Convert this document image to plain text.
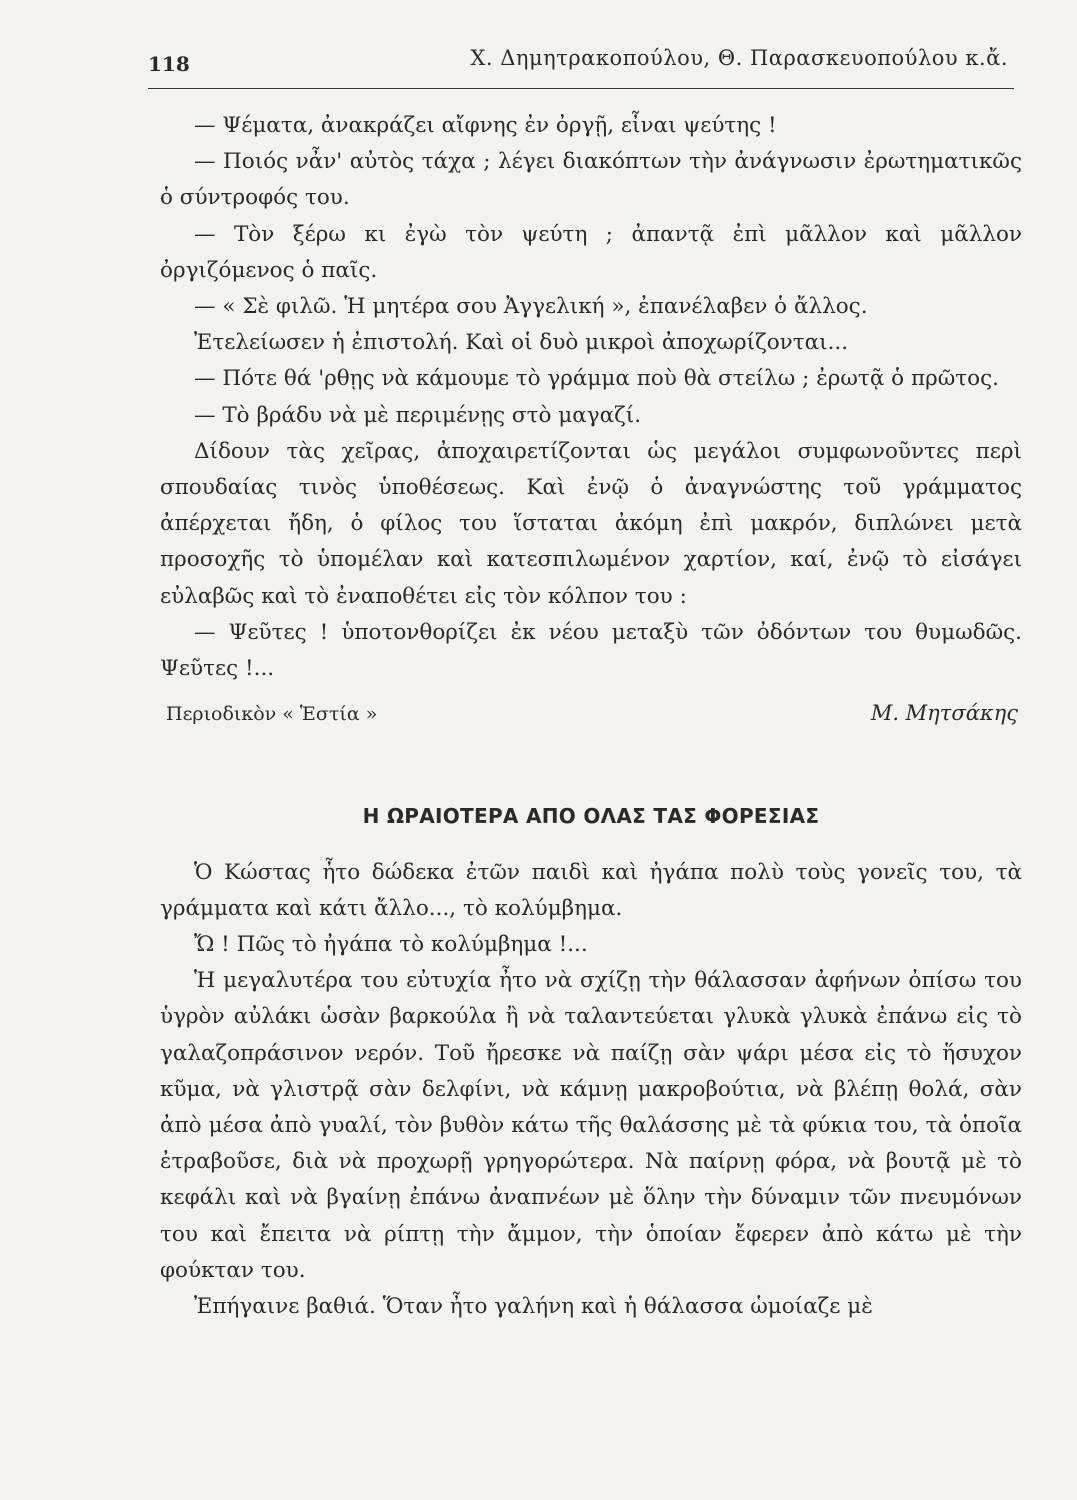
118	Χ. Δημητρακοπούλου, Θ. Παρασκευοπούλου κ.ἄ.

— Ψέματα, ἀνακράζει αἴφνης ἐν ὀργῇ, εἶναι ψεύτης !

— Ποιός νἆν' αὐτὸς τάχα ; λέγει διακόπτων τὴν ἀνάγνωσιν ἐρωτηματικῶς ὁ σύντροφός του.

— Τὸν ξέρω κι ἐγὼ τὸν ψεύτη ; ἀπαντᾷ ἐπὶ μᾶλλον καὶ μᾶλλον ὀργιζόμενος ὁ παῖς.

— « Σὲ φιλῶ. Ἡ μητέρα σου Ἀγγελική », ἐπανέλαβεν ὁ ἄλλος.

Ἐτελείωσεν ἡ ἐπιστολή. Καὶ οἱ δυὸ μικροὶ ἀποχωρίζονται...

— Πότε θά 'ρθῃς νὰ κάμουμε τὸ γράμμα ποὺ θὰ στείλω ; ἐρωτᾷ ὁ πρῶτος.

— Τὸ βράδυ νὰ μὲ περιμένῃς στὸ μαγαζί.

Δίδουν τὰς χεῖρας, ἀποχαιρετίζονται ὡς μεγάλοι συμφωνοῦντες περὶ σπουδαίας τινὸς ὑποθέσεως. Καὶ ἐνῷ ὁ ἀναγνώστης τοῦ γράμματος ἀπέρχεται ἤδη, ὁ φίλος του ἵσταται ἀκόμη ἐπὶ μακρόν, διπλώνει μετὰ προσοχῆς τὸ ὑπομέλαν καὶ κατεσπιλωμένον χαρτίον, καί, ἐνῷ τὸ εἰσάγει εὐλαβῶς καὶ τὸ ἐναποθέτει εἰς τὸν κόλπον του :

— Ψεῦτες ! ὑποτονθορίζει ἐκ νέου μεταξὺ τῶν ὀδόντων του θυμωδῶς. Ψεῦτες !...

Περιοδικὸν « Ἑστία »	Μ. Μητσάκης
Η ΩΡΑΙΟΤΕΡΑ ΑΠΟ ΟΛΑΣ ΤΑΣ ΦΟΡΕΣΙΑΣ

Ὁ Κώστας ἦτο δώδεκα ἐτῶν παιδὶ καὶ ἠγάπα πολὺ τοὺς γονεῖς του, τὰ γράμματα καὶ κάτι ἄλλο..., τὸ κολύμβημα.

Ὤ ! Πῶς τὸ ἠγάπα τὸ κολύμβημα !...

Ἡ μεγαλυτέρα του εὐτυχία ἦτο νὰ σχίζῃ τὴν θάλασσαν ἀφήνων ὀπίσω του ὑγρὸν αὐλάκι ὡσὰν βαρκούλα ἢ νὰ ταλαντεύεται γλυκὰ γλυκὰ ἐπάνω εἰς τὸ γαλαζοπράσινον νερόν. Τοῦ ἤρεσκε νὰ παίζῃ σὰν ψάρι μέσα εἰς τὸ ἥσυχον κῦμα, νὰ γλιστρᾷ σὰν δελφίνι, νὰ κάμνῃ μακροβούτια, νὰ βλέπῃ θολά, σὰν ἀπὸ μέσα ἀπὸ γυαλί, τὸν βυθὸν κάτω τῆς θαλάσσης μὲ τὰ φύκια του, τὰ ὁποῖα ἐτραβοῦσε, διὰ νὰ προχωρῇ γρηγορώτερα. Νὰ παίρνῃ φόρα, νὰ βουτᾷ μὲ τὸ κεφάλι καὶ νὰ βγαίνῃ ἐπάνω ἀναπνέων μὲ ὅλην τὴν δύναμιν τῶν πνευμόνων του καὶ ἔπειτα νὰ ρίπτῃ τὴν ἄμμον, τὴν ὁποίαν ἔφερεν ἀπὸ κάτω μὲ τὴν φούκταν του.

Ἐπήγαινε βαθιά. Ὅταν ἦτο γαλήνη καὶ ἡ θάλασσα ὡμοίαζε μὲ
